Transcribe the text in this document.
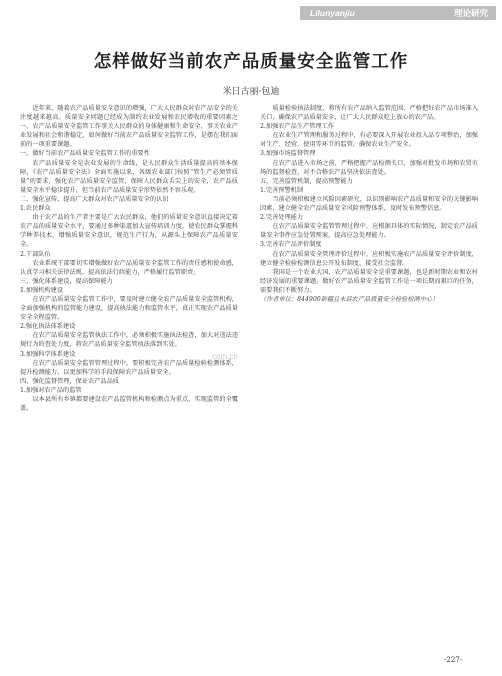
Lilunyanjiu	理论研究
怎样做好当前农产品质量安全监管工作
米日古丽·包迪

近年来，随着农产品质量安全意识的增强，广大人民群众对农产品安全的关注度越来越高。质量安全问题已经成为制约农业发展和农民增收的重要因素之一。农产品质量安全监管工作事关人民群众的身体健康和生命安全，事关农业产业发展和社会和谐稳定，如何做好当前农产品质量安全监管工作，是摆在我们面前的一项重要课题。

一、做好当前农产品质量安全监管工作的重要性

农产品质量安全是农业发展的生命线，是人民群众生活质量提高的基本保障，《农产品质量安全法》全面实施以来，各级农业部门按照“管生产必须管质量”的要求，强化农产品质量安全监管，保障人民群众舌尖上的安全，农产品质量安全水平稳步提升，但当前农产品质量安全形势依然不容乐观。

二、强化宣传，提高广大群众对农产品质量安全的认识

1.农民群众

由于农产品的生产者主要是广大农民群众，他们的质量安全意识直接决定着农产品的质量安全水平，要通过多种渠道加大宣传培训力度，使农民群众掌握科学种养技术，增强质量安全意识，规范生产行为，从源头上保障农产品质量安全。

2.干部队伍

农业系统干部要切实增强做好农产品质量安全监管工作的责任感和使命感，认真学习相关法律法规，提高依法行政能力，严格履行监管职责。

三、强化体系建设，提高保障能力

1.加强机构建设

在农产品质量安全监管工作中，要及时建立健全农产品质量安全监管机构，全面加强机构的监管能力建设，提高执法能力和监管水平，真正实现农产品质量安全全程监管。

2.强化执法体系建设

在农产品质量安全监管执法工作中，必须积极实施执法检查，加大对违法违规行为的查处力度，将农产品质量安全监管执法落到实处。

3.加强科学体系建设

在农产品质量安全监管管理过程中，要积极完善农产品质量检验检测体系，提升检测能力，以更加科学的手段保障农产品质量安全。

四、强化监督管理，保证农产品品质

1.加强对农产品的监管

以本县所有乡镇都要建设农产品监管机构和检测点为重点，实现监管的全覆盖。

质量检验执法制度，将所有农产品纳入监管范围，严格把好农产品市场准入关口，确保农产品质量安全，让广大人民群众吃上放心的农产品。

2.加强农产品生产管理工作

在农业生产管理和服务过程中，有必要深入开展农业投入品专项整治，加强对生产、经营、使用等环节的监管，确保农业生产安全。

3.加强市场监督管理

在农产品进入市场之前，严格把握产品检测关口，加强对批发市场和农贸市场的监督检查，对不合格农产品坚决依法查处。

五、完善监管机制，提高预警能力

1.完善预警机制

当前必须积极建立风险因素研究、以识别影响农产品质量和安全的关键影响因素，建立健全农产品质量安全风险预警体系，及时发布预警信息。

2.完善处理能力

在农产品质量安全监管管理过程中，应根据具体的实际情况，制定农产品质量安全事件应急处置预案，提高应急处理能力。

3.完善农产品评价制度

在农产品质量安全管理评价过程中，应积极实施农产品质量安全评价制度，建立健全检验检测信息公开发布制度，接受社会监督。

我国是一个农业大国，农产品质量安全是重要课题，也是新时期农业和农村经济发展的重要课题。做好农产品质量安全监管工作是一项长期而艰巨的任务，需要我们不断努力。

（作者单位：844900新疆且末县农产品质量安全检验检测中心）

com.cn
-227-
